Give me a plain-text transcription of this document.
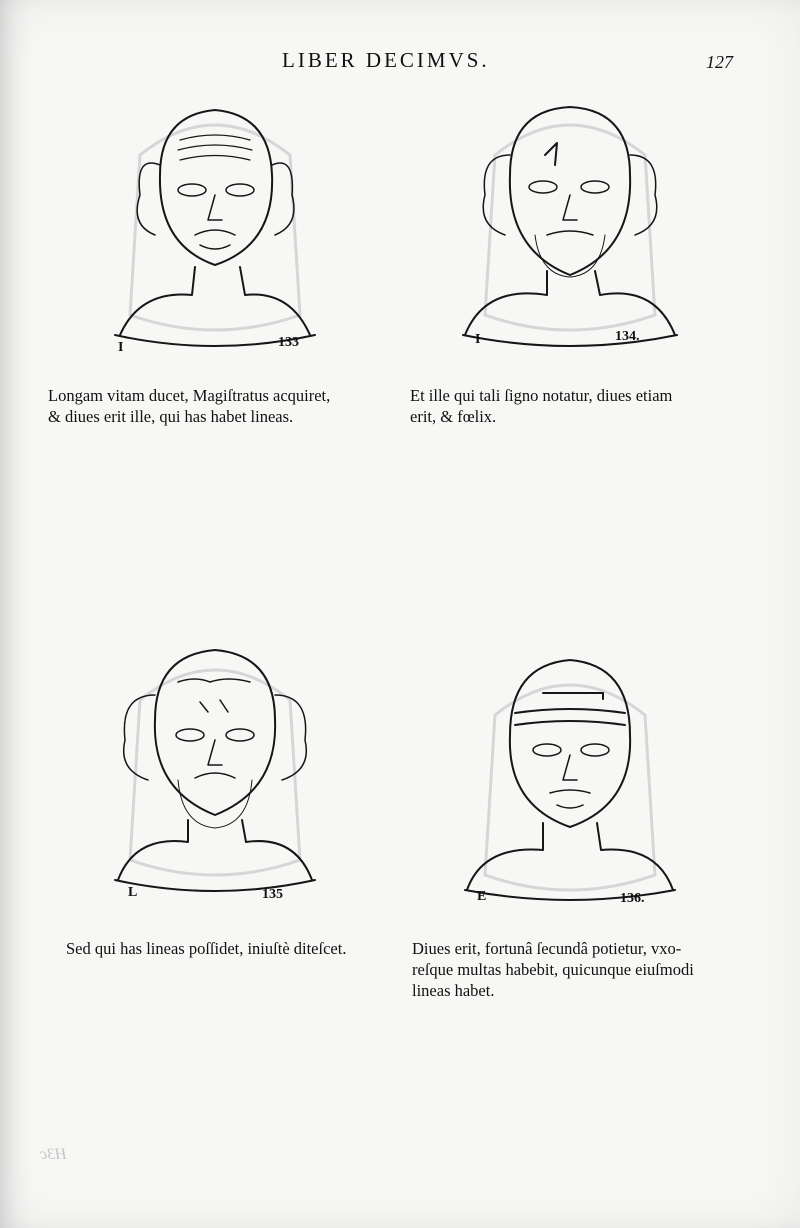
LIBER DECIMVS.	127
I	133

Longam vitam ducet, Magiſtratus acquiret,
& diues erit ille, qui has habet lineas.

I	134.

Et ille qui tali ſigno notatur, diues etiam
erit, & fœlix.

L	135

Sed qui has lineas poſſidet, iniuſtè diteſcet.

E	136.

Diues erit, fortunâ ſecundâ potietur, vxo-
reſque multas habebit, quicunque eiuſmodi
lineas habet.

H3c
